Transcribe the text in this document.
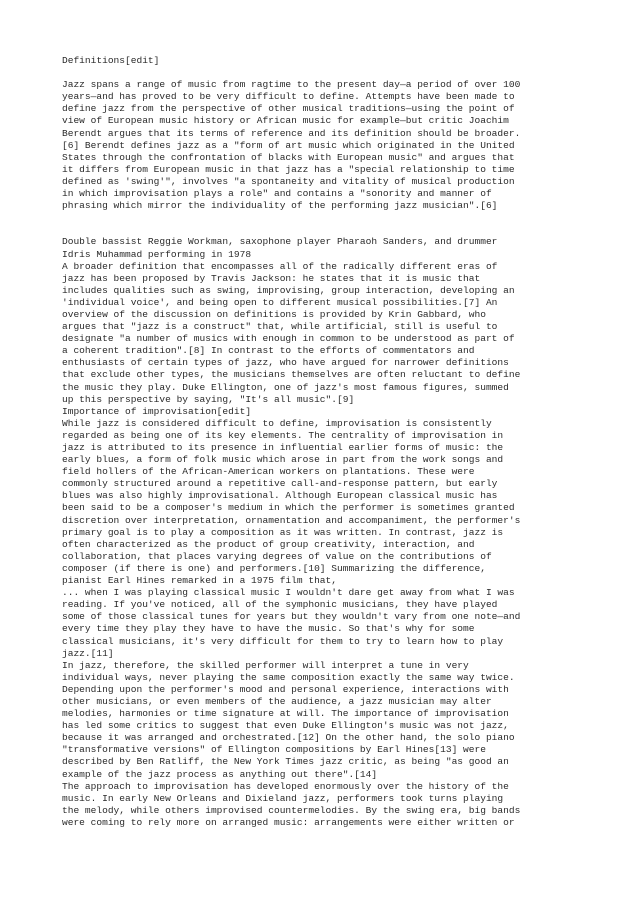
Definitions[edit]
Jazz spans a range of music from ragtime to the present day—a period of over 100
years—and has proved to be very difficult to define. Attempts have been made to
define jazz from the perspective of other musical traditions—using the point of
view of European music history or African music for example—but critic Joachim
Berendt argues that its terms of reference and its definition should be broader.
[6] Berendt defines jazz as a "form of art music which originated in the United
States through the confrontation of blacks with European music" and argues that
it differs from European music in that jazz has a "special relationship to time
defined as 'swing'", involves "a spontaneity and vitality of musical production
in which improvisation plays a role" and contains a "sonority and manner of
phrasing which mirror the individuality of the performing jazz musician".[6]
Double bassist Reggie Workman, saxophone player Pharaoh Sanders, and drummer
Idris Muhammad performing in 1978
A broader definition that encompasses all of the radically different eras of
jazz has been proposed by Travis Jackson: he states that it is music that
includes qualities such as swing, improvising, group interaction, developing an
'individual voice', and being open to different musical possibilities.[7] An
overview of the discussion on definitions is provided by Krin Gabbard, who
argues that "jazz is a construct" that, while artificial, still is useful to
designate "a number of musics with enough in common to be understood as part of
a coherent tradition".[8] In contrast to the efforts of commentators and
enthusiasts of certain types of jazz, who have argued for narrower definitions
that exclude other types, the musicians themselves are often reluctant to define
the music they play. Duke Ellington, one of jazz's most famous figures, summed
up this perspective by saying, "It's all music".[9]
Importance of improvisation[edit]
While jazz is considered difficult to define, improvisation is consistently
regarded as being one of its key elements. The centrality of improvisation in
jazz is attributed to its presence in influential earlier forms of music: the
early blues, a form of folk music which arose in part from the work songs and
field hollers of the African-American workers on plantations. These were
commonly structured around a repetitive call-and-response pattern, but early
blues was also highly improvisational. Although European classical music has
been said to be a composer's medium in which the performer is sometimes granted
discretion over interpretation, ornamentation and accompaniment, the performer's
primary goal is to play a composition as it was written. In contrast, jazz is
often characterized as the product of group creativity, interaction, and
collaboration, that places varying degrees of value on the contributions of
composer (if there is one) and performers.[10] Summarizing the difference,
pianist Earl Hines remarked in a 1975 film that,
... when I was playing classical music I wouldn't dare get away from what I was
reading. If you've noticed, all of the symphonic musicians, they have played
some of those classical tunes for years but they wouldn't vary from one note—and
every time they play they have to have the music. So that's why for some
classical musicians, it's very difficult for them to try to learn how to play
jazz.[11]
In jazz, therefore, the skilled performer will interpret a tune in very
individual ways, never playing the same composition exactly the same way twice.
Depending upon the performer's mood and personal experience, interactions with
other musicians, or even members of the audience, a jazz musician may alter
melodies, harmonies or time signature at will. The importance of improvisation
has led some critics to suggest that even Duke Ellington's music was not jazz,
because it was arranged and orchestrated.[12] On the other hand, the solo piano
"transformative versions" of Ellington compositions by Earl Hines[13] were
described by Ben Ratliff, the New York Times jazz critic, as being "as good an
example of the jazz process as anything out there".[14]
The approach to improvisation has developed enormously over the history of the
music. In early New Orleans and Dixieland jazz, performers took turns playing
the melody, while others improvised countermelodies. By the swing era, big bands
were coming to rely more on arranged music: arrangements were either written or
